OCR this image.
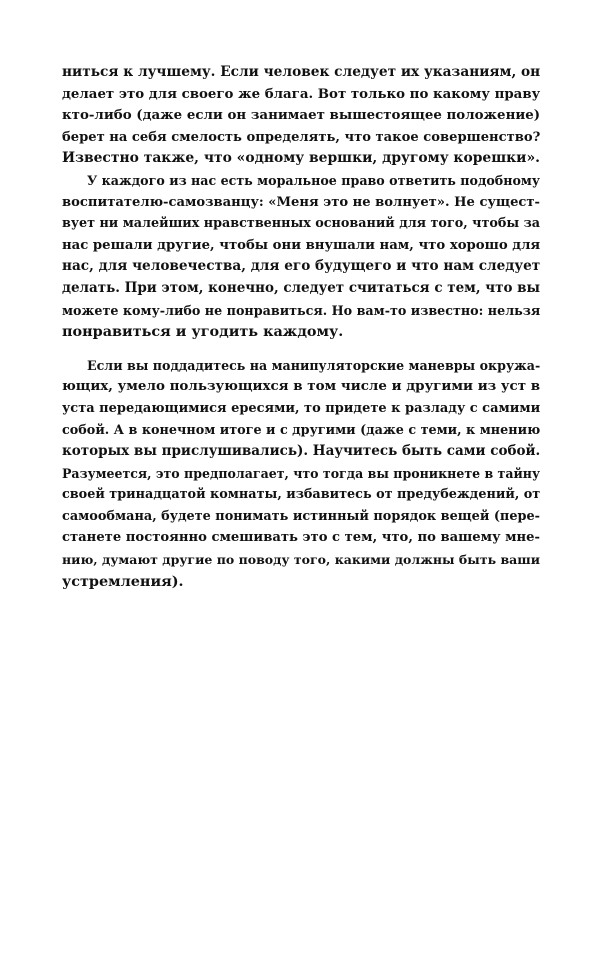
ниться к лучшему. Если человек следует их указаниям, он
делает это для своего же блага. Вот только по какому праву
кто-либо (даже если он занимает вышестоящее положение)
берет на себя смелость определять, что такое совершенство?
Известно также, что «одному вершки, другому корешки».
У каждого из нас есть моральное право ответить подобному
воспитателю-самозванцу: «Меня это не волнует». Не сущест-
вует ни малейших нравственных оснований для того, чтобы за
нас решали другие, чтобы они внушали нам, что хорошо для
нас, для человечества, для его будущего и что нам следует
делать. При этом, конечно, следует считаться с тем, что вы
можете кому-либо не понравиться. Но вам-то известно: нельзя
понравиться и угодить каждому.
Если вы поддадитесь на манипуляторские маневры окружа-
ющих, умело пользующихся в том числе и другими из уст в
уста передающимися ересями, то придете к разладу с самими
собой. А в конечном итоге и с другими (даже с теми, к мнению
которых вы прислушивались). Научитесь быть сами собой.
Разумеется, это предполагает, что тогда вы проникнете в тайну
своей тринадцатой комнаты, избавитесь от предубеждений, от
самообмана, будете понимать истинный порядок вещей (пере-
станете постоянно смешивать это с тем, что, по вашему мне-
нию, думают другие по поводу того, какими должны быть ваши
устремления).
